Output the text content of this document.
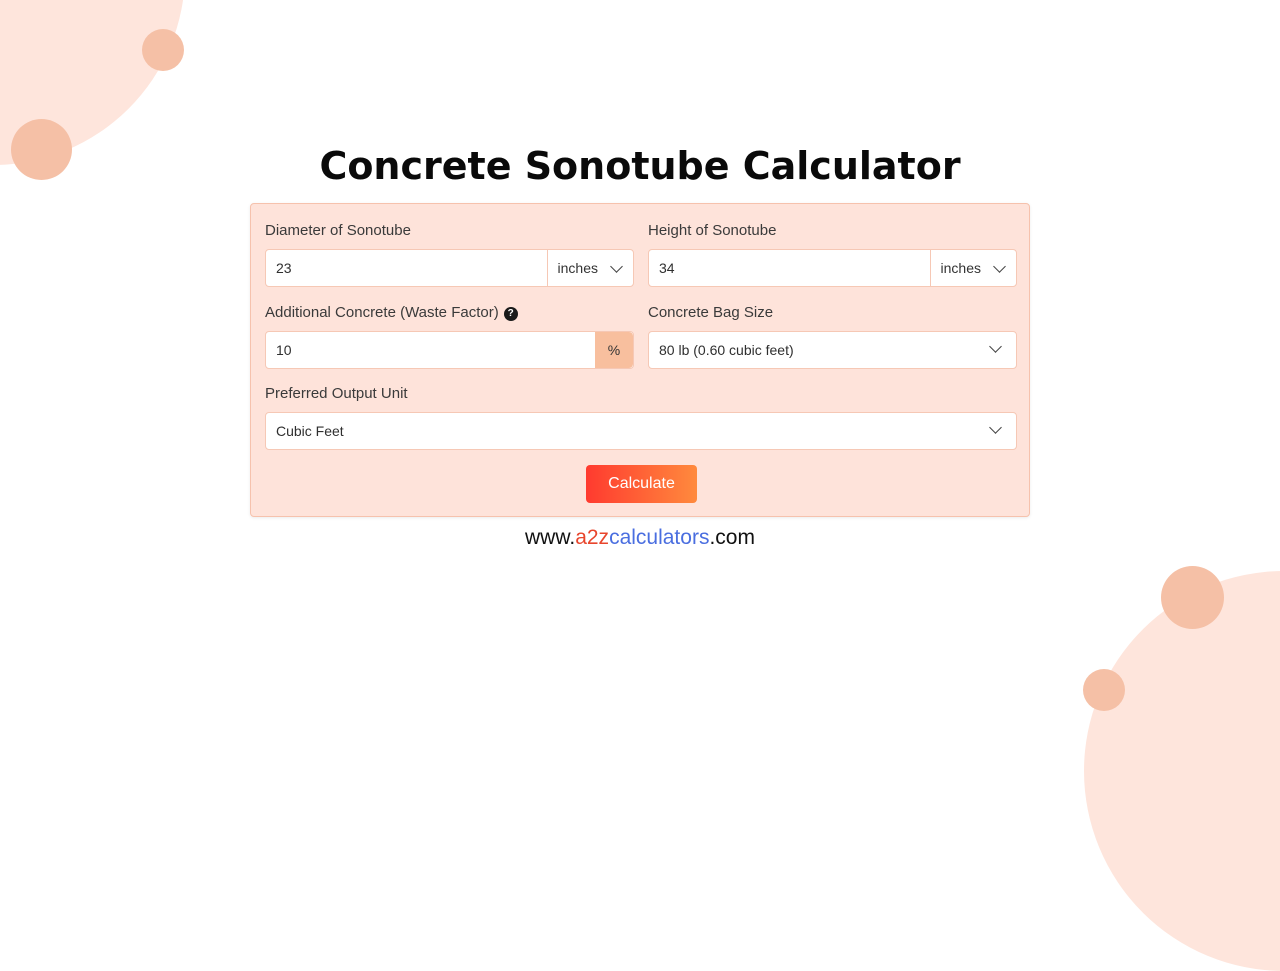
Concrete Sonotube Calculator
Diameter of Sonotube
23	inches
Height of Sonotube
34	inches
Additional Concrete (Waste Factor) ?
10	%
Concrete Bag Size
80 lb (0.60 cubic feet)
Preferred Output Unit
Cubic Feet
Calculate
www.a2zcalculators.com
